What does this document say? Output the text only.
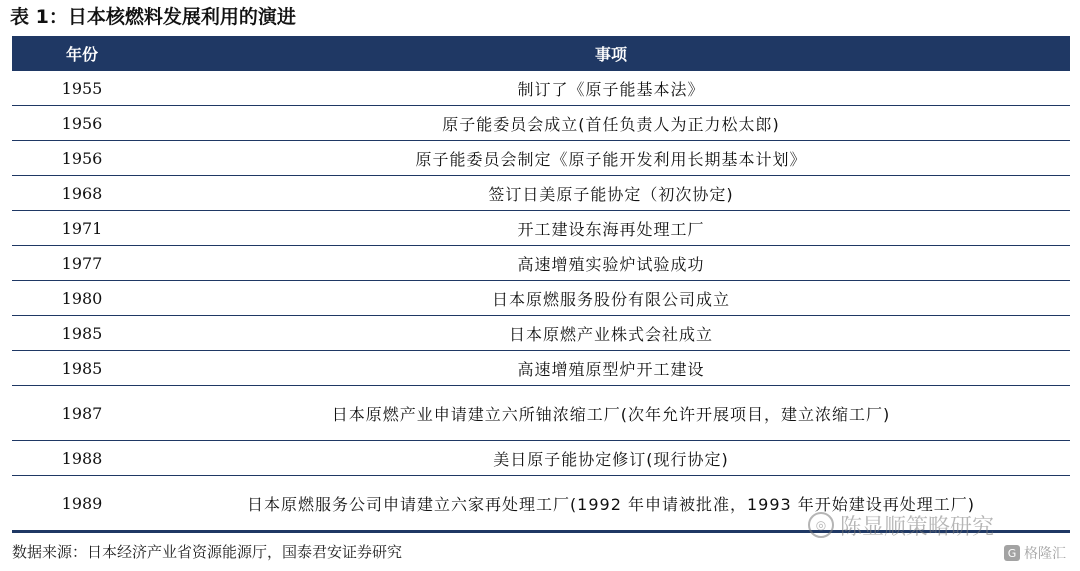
表 1：日本核燃料发展利用的演进
年份	事项
1955	制订了《原子能基本法》
1956	原子能委员会成立(首任负责人为正力松太郎)
1956	原子能委员会制定《原子能开发利用长期基本计划》
1968	签订日美原子能协定（初次协定)
1971	开工建设东海再处理工厂
1977	高速增殖实验炉试验成功
1980	日本原燃服务股份有限公司成立
1985	日本原燃产业株式会社成立
1985	高速增殖原型炉开工建设
1987	日本原燃产业申请建立六所铀浓缩工厂(次年允许开展项目，建立浓缩工厂)
1988	美日原子能协定修订(现行协定)
1989	日本原燃服务公司申请建立六家再处理工厂(1992 年申请被批准，1993 年开始建设再处理工厂)
数据来源：日本经济产业省资源能源厅，国泰君安证券研究
◎ 陈显顺策略研究
G 格隆汇
